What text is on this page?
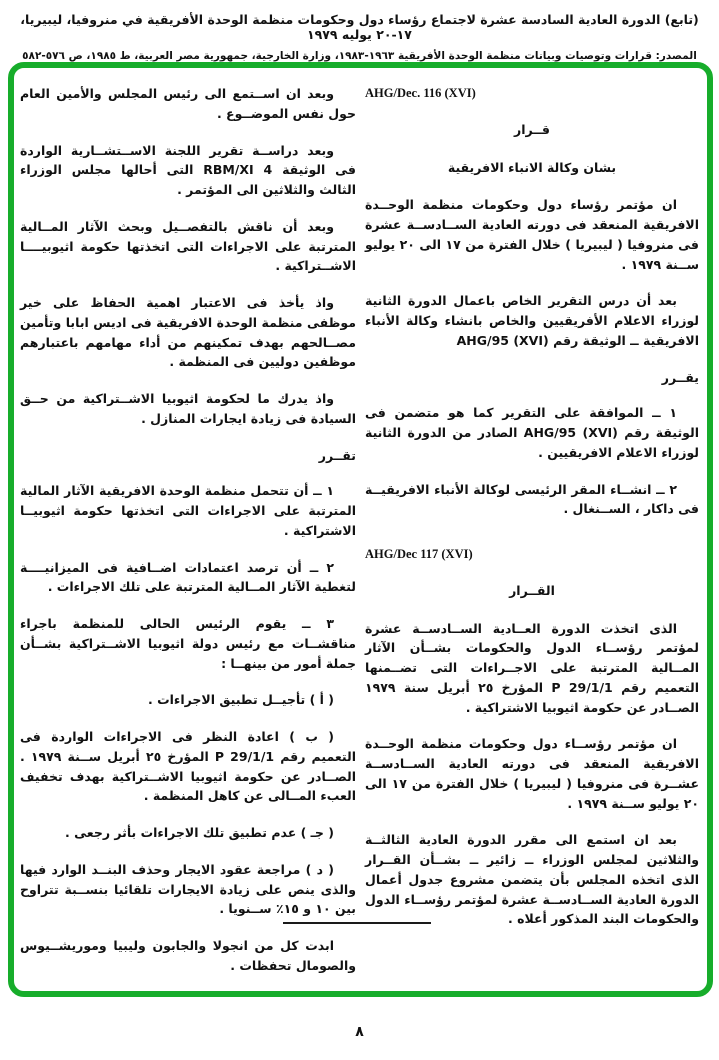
(تابع) الدورة العادية السادسة عشرة لاجتماع رؤساء دول وحكومات منظمة الوحدة الأفريقية في منروفيا، ليبيريا، ١٧-٢٠ يوليه ١٩٧٩
المصدر: قرارات وتوصيات وبيانات منظمة الوحدة الأفريقية ١٩٦٣-١٩٨٣، وزارة الخارجية، جمهورية مصر العربية، ط ١٩٨٥، ص ٥٧٦-٥٨٢
AHG/Dec. 116 (XVI)
قــرار
بشان وكالة الانباء الافريقية

ان مؤتمر رؤساء دول وحكومات منظمة الوحــدة الافريقية المنعقد فى دورته العادية الســادســة عشرة فى منروفيا ( ليبيريا ) خلال الفترة من ١٧ الى ٢٠ يوليو ســنة ١٩٧٩ .

بعد أن درس التقرير الخاص باعمال الدورة الثانية لوزراء الاعلام الأفريقيين والخاص بانشاء وكالة الأنباء الافريقية ــ الوثيقة رقم AHG/95 (XVI)

يقــرر

١ ــ الموافقة على التقرير كما هو متضمن فى الوثيقة رقم AHG/95 (XVI) الصادر من الدورة الثانية لوزراء الاعلام الافريقيين .

٢ ــ انشــاء المقر الرئيسى لوكالة الأنباء الافريقيــة فى داكار ، الســنغال .

AHG/Dec 117 (XVI)
القــرار

الذى اتخذت الدورة العــادية الســادســة عشرة لمؤتمر رؤســاء الدول والحكومات بشــأن الآثار المــالية المترتبة على الاجــراءات التى تضــمنها التعميم رقم P 29/1/1 المؤرخ ٢٥ أبريل سنة ١٩٧٩ الصــادر عن حكومة اثيوبيا الاشتراكية .

ان مؤتمر رؤســاء دول وحكومات منظمة الوحــدة الافريقية المنعقد فى دورته العادية الســادســة عشــرة فى منروفيا ( ليبيريا ) خلال الفترة من ١٧ الى ٢٠ يوليو ســنة ١٩٧٩ .

بعد ان استمع الى مقرر الدورة العادية الثالثــة والثلاثين لمجلس الوزراء ــ زائير ــ بشــأن القــرار الذى اتخذه المجلس بأن يتضمن مشروع جدول أعمال الدورة العادية الســادســة عشرة لمؤتمر رؤســاء الدول والحكومات البند المذكور أعلاه .

وبعد ان اســتمع الى رئيس المجلس والأمين العام حول نفس الموضــوع .

وبعد دراســة تقرير اللجنة الاســتشــارية الواردة فى الوثيقة RBM/XI 4 التى أحالها مجلس الوزراء الثالث والثلاثين الى المؤتمر .

وبعد أن ناقش بالتفصــيل وبحث الآثار المــالية المترتبة على الاجراءات التى اتخذتها حكومة اثيوبيــــا الاشــتراكية .

واذ يأخذ فى الاعتبار اهمية الحفاظ على خير موظفى منظمة الوحدة الافريقية فى اديس ابابا وتأمين مصــالحهم بهدف تمكينهم من أداء مهامهم باعتبارهم موظفين دوليين فى المنظمة .

واذ يدرك ما لحكومة اثيوبيا الاشــتراكية من حــق السيادة فى زيادة ايجارات المنازل .

تقــرر

١ ــ أن تتحمل منظمة الوحدة الافريقية الآثار المالية المترتبة على الاجراءات التى اتخذتها حكومة اثيوبيــا الاشتراكية .

٢ ــ أن ترصد اعتمادات اضــافية فى الميزانيــــة لتغطية الآثار المــالية المترتبة على تلك الاجراءات .

٣ ــ يقوم الرئيس الحالى للمنظمة باجراء مناقشــات مع رئيس دولة اثيوبيا الاشــتراكية بشــأن جملة أمور من بينهــا :

( أ ) تأجيــل تطبيق الاجراءات .

( ب ) اعادة النظر فى الاجراءات الواردة فى التعميم رقم P 29/1/1 المؤرخ ٢٥ أبريل ســنة ١٩٧٩ . الصــادر عن حكومة اثيوبيا الاشــتراكية بهدف تخفيف العبء المــالى عن كاهل المنظمة .

( جـ ) عدم تطبيق تلك الاجراءات بأثر رجعى .

( د ) مراجعة عقود الايجار وحذف البنــد الوارد فيها والذى ينص على زيادة الايجارات تلقائيا بنســبة تتراوح بين ١٠ و ١٥٪ ســنويا .

ابدت كل من انجولا والجابون وليبيا وموريشــيوس والصومال تحفظات .

٨
